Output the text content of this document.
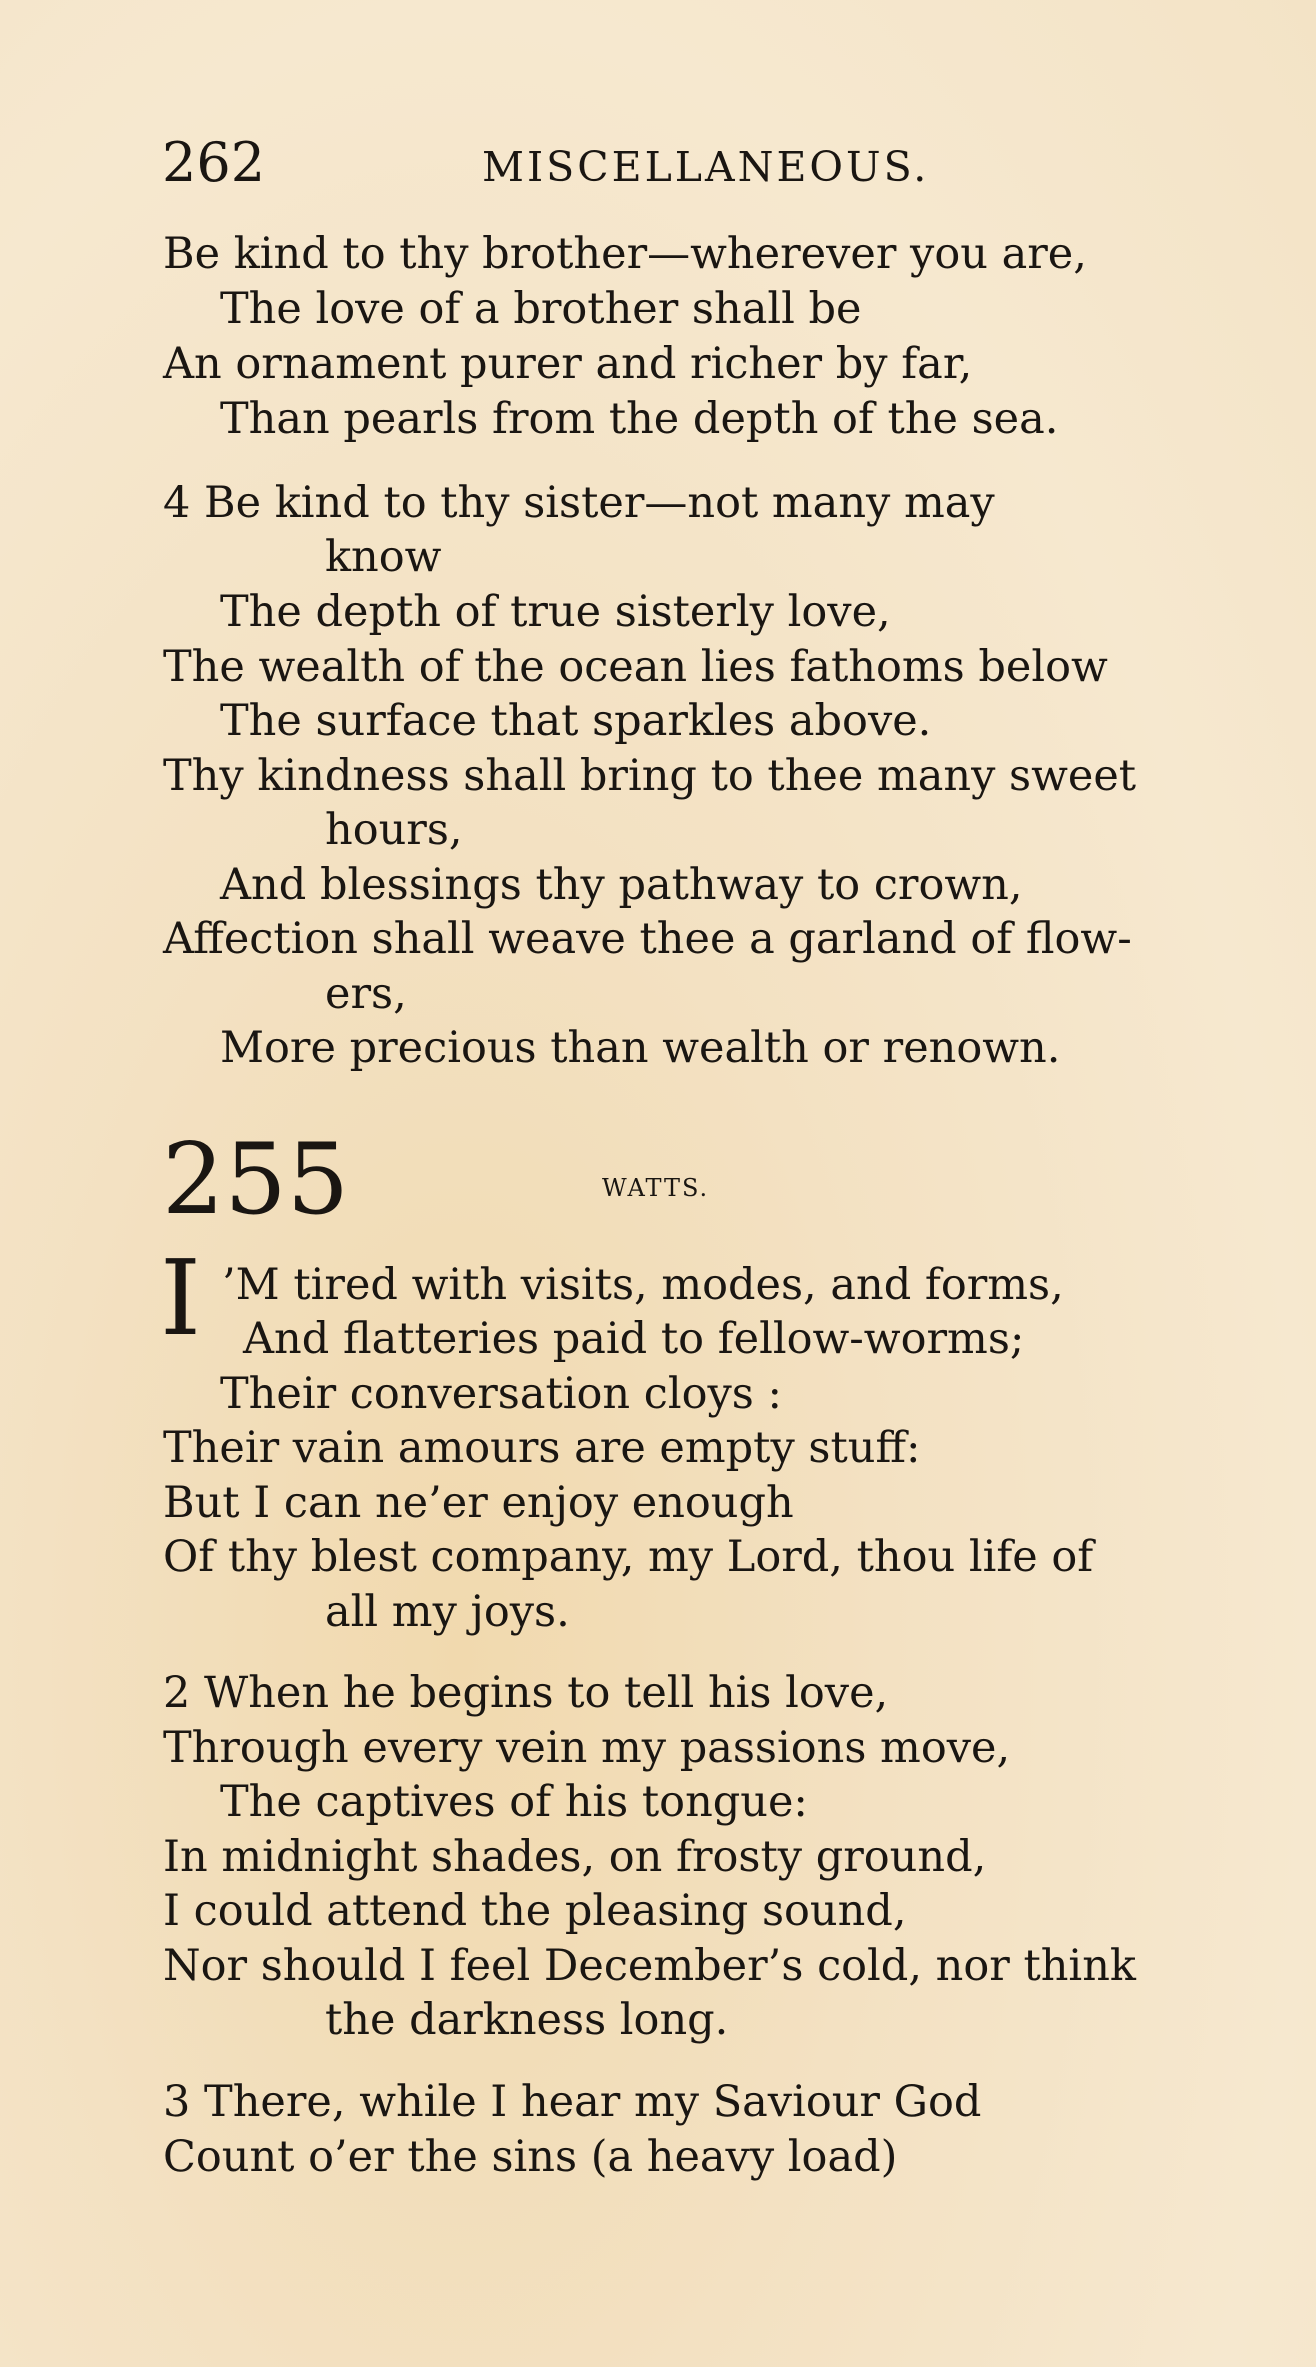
262	MISCELLANEOUS.
Be kind to thy brother—wherever you are,
The love of a brother shall be
An ornament purer and richer by far,
Than pearls from the depth of the sea.
4 Be kind to thy sister—not many may
know
The depth of true sisterly love,
The wealth of the ocean lies fathoms below
The surface that sparkles above.
Thy kindness shall bring to thee many sweet
hours,
And blessings thy pathway to crown,
Affection shall weave thee a garland of flow-
ers,
More precious than wealth or renown.
255	WATTS.
I ’M tired with visits, modes, and forms,
And flatteries paid to fellow-worms;
Their conversation cloys :
Their vain amours are empty stuff:
But I can ne’er enjoy enough
Of thy blest company, my Lord, thou life of
all my joys.
2 When he begins to tell his love,
Through every vein my passions move,
The captives of his tongue:
In midnight shades, on frosty ground,
I could attend the pleasing sound,
Nor should I feel December’s cold, nor think
the darkness long.
3 There, while I hear my Saviour God
Count o’er the sins (a heavy load)
